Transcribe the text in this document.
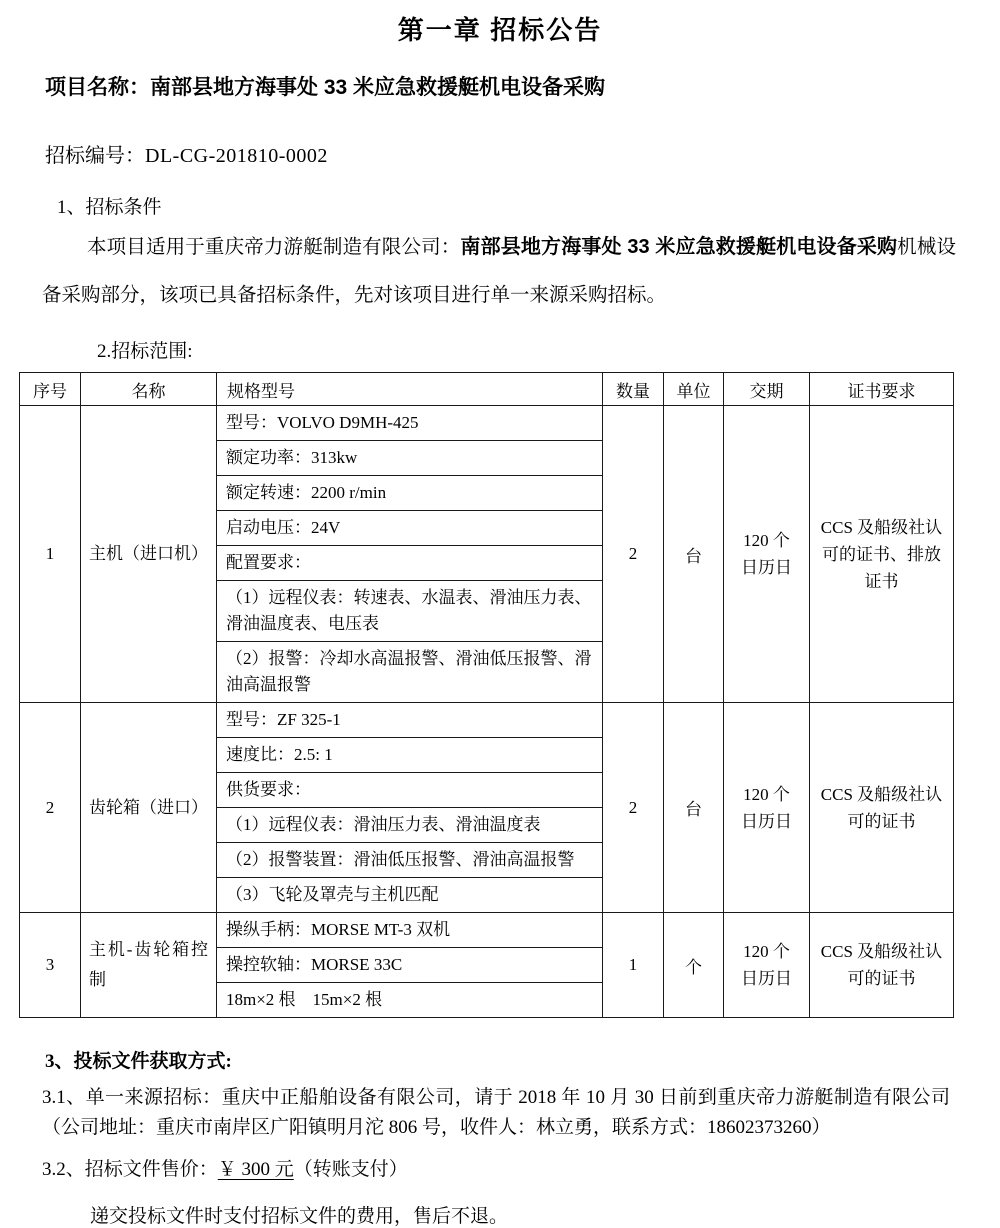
第一章 招标公告

项目名称：南部县地方海事处 33 米应急救援艇机电设备采购

招标编号：DL-CG-201810-0002

1、招标条件

本项目适用于重庆帝力游艇制造有限公司：南部县地方海事处 33 米应急救援艇机电设备采购机械设备采购部分，该项已具备招标条件，先对该项目进行单一来源采购招标。

2.招标范围:

序号	名称	规格型号	数量	单位	交期	证书要求
1	主机（进口机）	型号：VOLVO D9MH-425	2	台	120 个日历日	CCS 及船级社认可的证书、排放证书
		额定功率：313kw				
		额定转速：2200 r/min				
		启动电压：24V				
		配置要求：				
		（1）远程仪表：转速表、水温表、滑油压力表、滑油温度表、电压表				
		（2）报警：冷却水高温报警、滑油低压报警、滑油高温报警				
2	齿轮箱（进口）	型号：ZF 325-1	2	台	120 个日历日	CCS 及船级社认可的证书
		速度比：2.5: 1				
		供货要求：				
		（1）远程仪表：滑油压力表、滑油温度表				
		（2）报警装置：滑油低压报警、滑油高温报警				
		（3）飞轮及罩壳与主机匹配				
3	主机-齿轮箱控制	操纵手柄：MORSE MT-3 双机	1	个	120 个日历日	CCS 及船级社认可的证书
		操控软轴：MORSE 33C				
		18m×2 根    15m×2 根				

3、投标文件获取方式:

3.1、单一来源招标：重庆中正船舶设备有限公司，请于 2018 年 10 月 30 日前到重庆帝力游艇制造有限公司（公司地址：重庆市南岸区广阳镇明月沱 806 号，收件人：林立勇，联系方式：18602373260）

3.2、招标文件售价：￥ 300 元（转账支付）

递交投标文件时支付招标文件的费用，售后不退。
